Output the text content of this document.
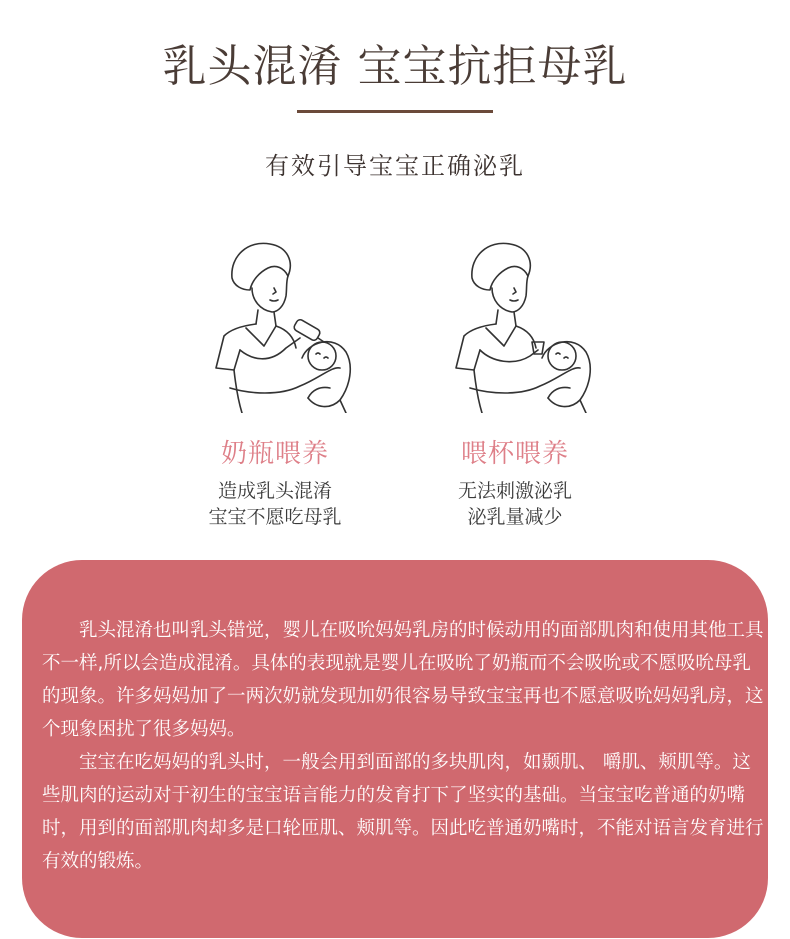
乳头混淆 宝宝抗拒母乳
有效引导宝宝正确泌乳
奶瓶喂养
造成乳头混淆
宝宝不愿吃母乳
喂杯喂养
无法刺激泌乳
泌乳量减少

乳头混淆也叫乳头错觉，婴儿在吸吮妈妈乳房的时候动用的面部肌肉和使用其他工具不一样,所以会造成混淆。具体的表现就是婴儿在吸吮了奶瓶而不会吸吮或不愿吸吮母乳的现象。许多妈妈加了一两次奶就发现加奶很容易导致宝宝再也不愿意吸吮妈妈乳房，这个现象困扰了很多妈妈。

宝宝在吃妈妈的乳头时，一般会用到面部的多块肌肉，如颞肌、 嚼肌、颊肌等。这些肌肉的运动对于初生的宝宝语言能力的发育打下了坚实的基础。当宝宝吃普通的奶嘴时，用到的面部肌肉却多是口轮匝肌、颊肌等。因此吃普通奶嘴时，不能对语言发育进行有效的锻炼。
